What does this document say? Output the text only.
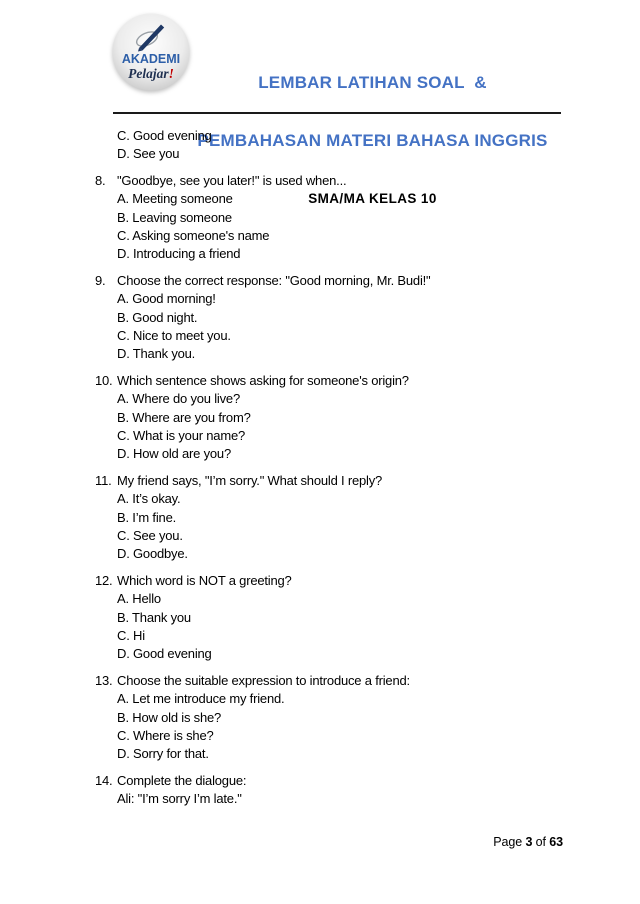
AKADEMI
Pelajar!

	LEMBAR LATIHAN SOAL  &

PEMBAHASAN MATERI BAHASA INGGRIS

SMA/MA KELAS 10

C. Good evening
D. See you
8. "Goodbye, see you later!" is used when...
A. Meeting someone
B. Leaving someone
C. Asking someone's name
D. Introducing a friend
9. Choose the correct response: "Good morning, Mr. Budi!"
A. Good morning!
B. Good night.
C. Nice to meet you.
D. Thank you.
10. Which sentence shows asking for someone's origin?
A. Where do you live?
B. Where are you from?
C. What is your name?
D. How old are you?
11. My friend says, "I’m sorry." What should I reply?
A. It’s okay.
B. I’m fine.
C. See you.
D. Goodbye.
12. Which word is NOT a greeting?
A. Hello
B. Thank you
C. Hi
D. Good evening
13. Choose the suitable expression to introduce a friend:
A. Let me introduce my friend.
B. How old is she?
C. Where is she?
D. Sorry for that.
14. Complete the dialogue:
Ali: "I’m sorry I’m late."
Page 3 of 63
